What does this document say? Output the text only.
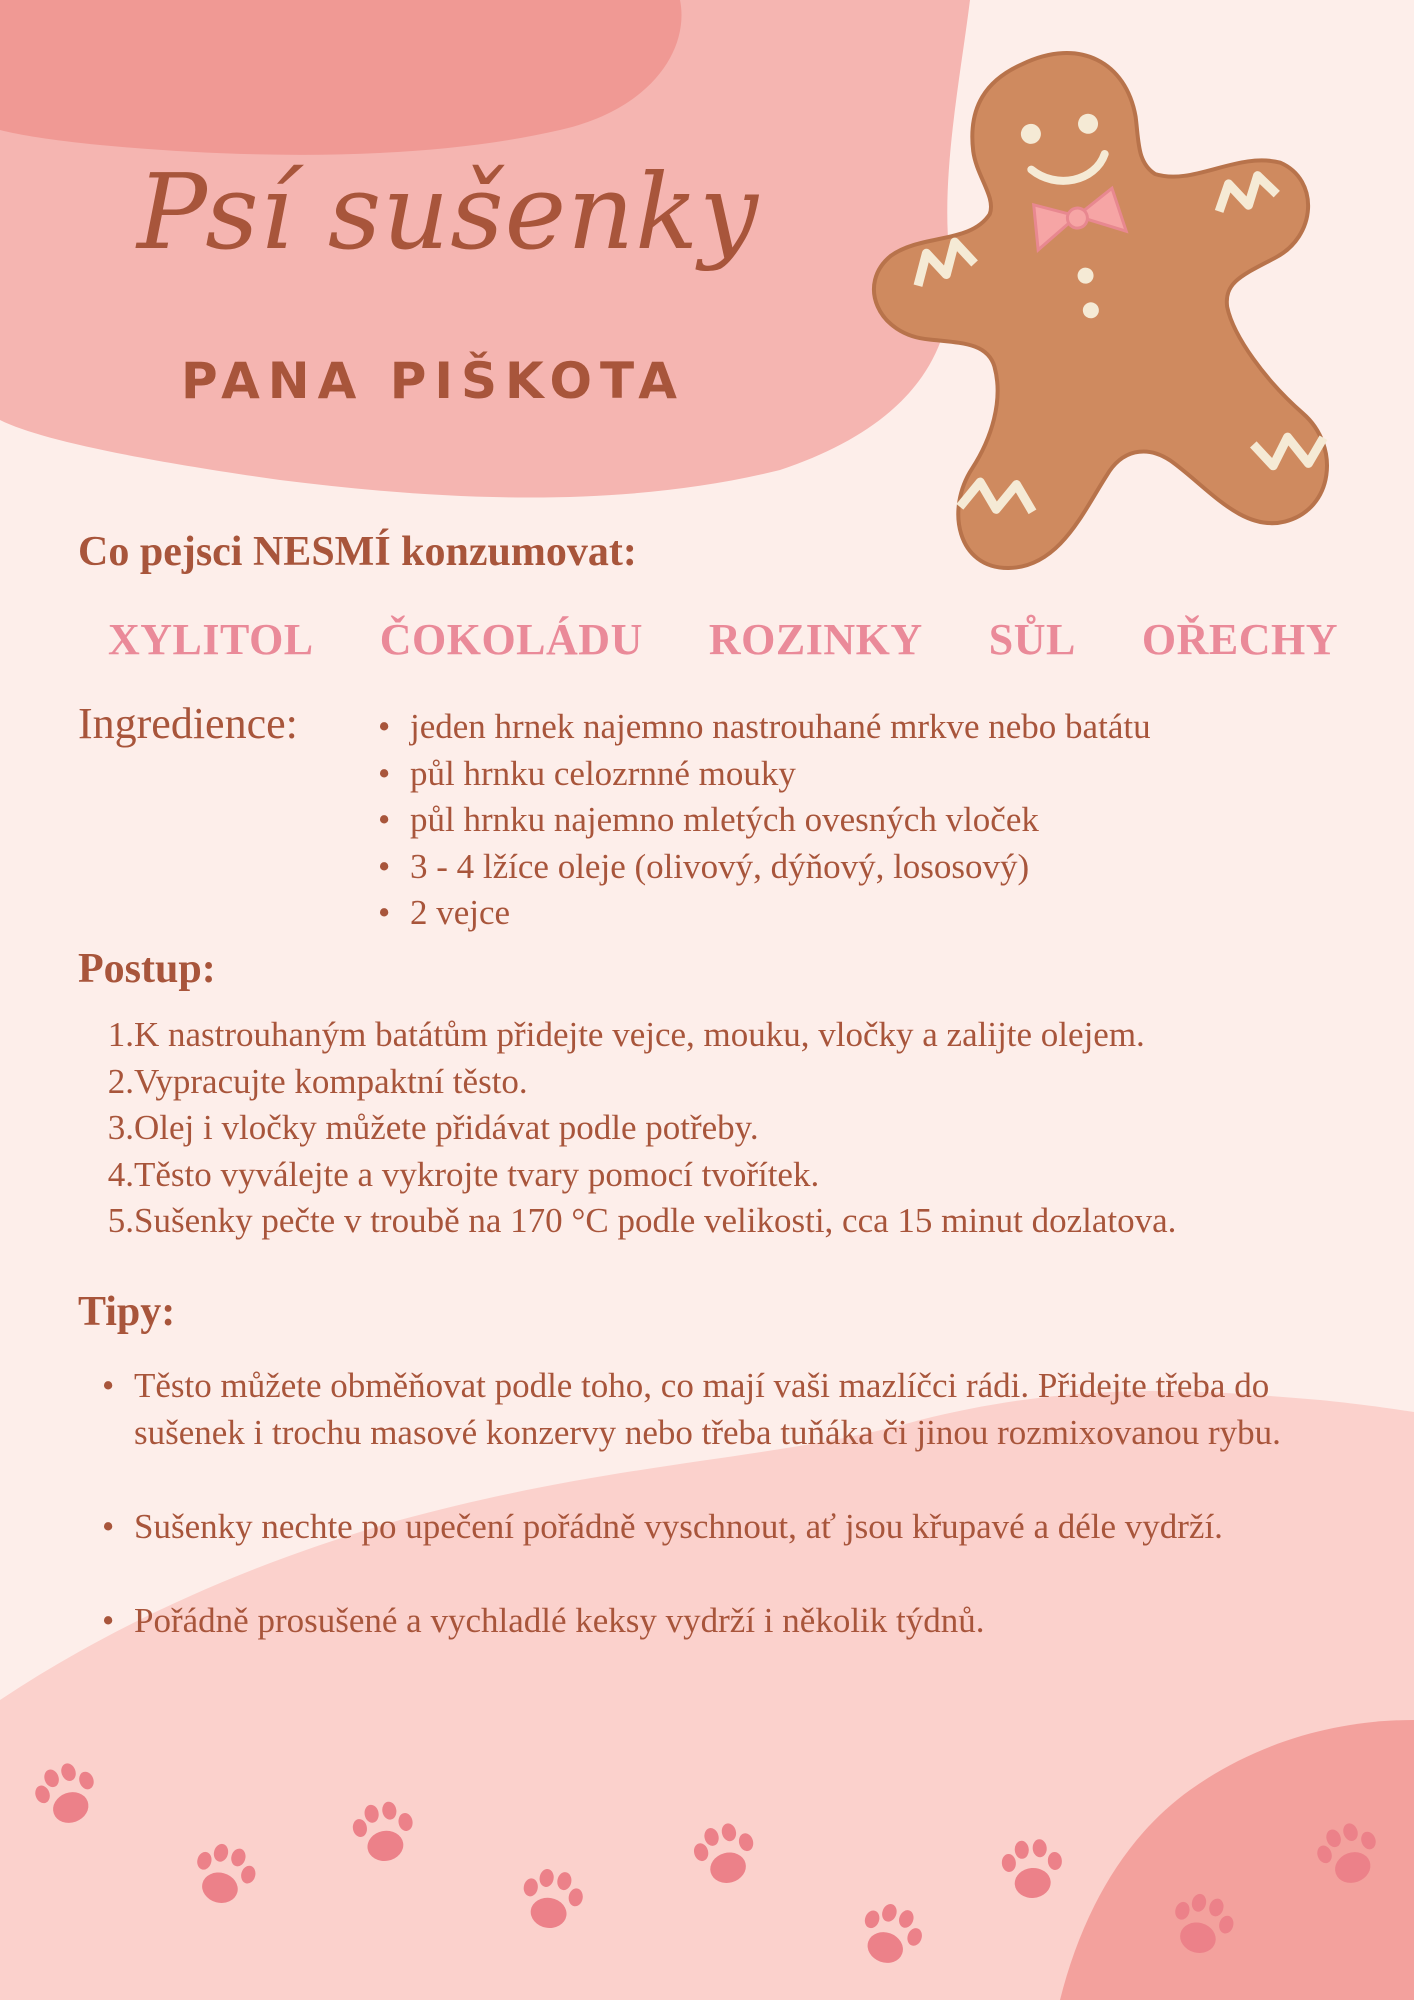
Psí sušenky
PANA PIŠKOTA
Co pejsci NESMÍ konzumovat:
XYLITOL ČOKOLÁDU ROZINKY SŮL OŘECHY
Ingredience:
•	jeden hrnek najemno nastrouhané mrkve nebo batátu
• půl hrnku celozrnné mouky
• půl hrnku najemno mletých ovesných vloček
• 3 - 4 lžíce oleje (olivový, dýňový, lososový)
• 2 vejce
Postup:
1. K nastrouhaným batátům přidejte vejce, mouku, vločky a zalijte olejem.
2. Vypracujte kompaktní těsto.
3. Olej i vločky můžete přidávat podle potřeby.
4. Těsto vyválejte a vykrojte tvary pomocí tvořítek.
5. Sušenky pečte v troubě na 170 °C podle velikosti, cca 15 minut dozlatova.
Tipy:
• Těsto můžete obměňovat podle toho, co mají vaši mazlíčci rádi. Přidejte třeba do sušenek i trochu masové konzervy nebo třeba tuňáka či jinou rozmixovanou rybu.
• Sušenky nechte po upečení pořádně vyschnout, ať jsou křupavé a déle vydrží.
• Pořádně prosušené a vychladlé keksy vydrží i několik týdnů.
